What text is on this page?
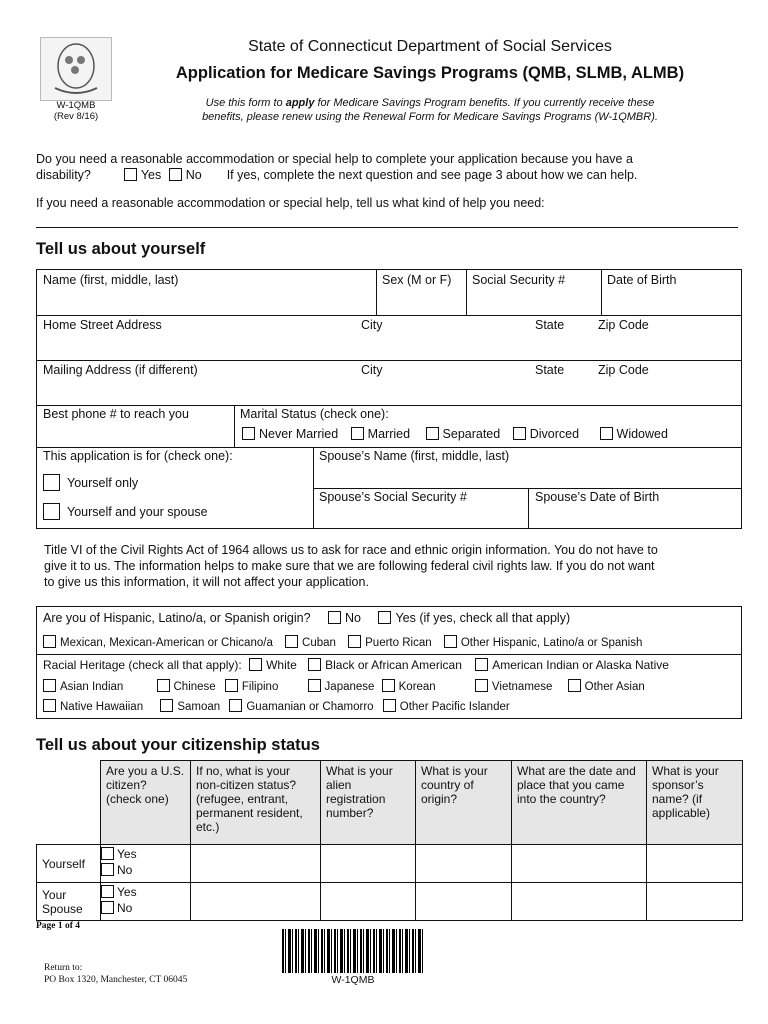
W-1QMB
(Rev 8/16)
State of Connecticut Department of Social Services
Application for Medicare Savings Programs (QMB, SLMB, ALMB)
Use this form to apply for Medicare Savings Program benefits. If you currently receive these
benefits, please renew using the Renewal Form for Medicare Savings Programs (W-1QMBR).
Do you need a reasonable accommodation or special help to complete your application because you have a
disability?	Yes No If yes, complete the next question and see page 3 about how we can help.
If you need a reasonable accommodation or special help, tell us what kind of help you need:
Tell us about yourself
Name (first, middle, last)	Sex (M or F) Social Security #	Date of Birth
Home Street Address	City	State	Zip Code
Mailing Address (if different)	City	State	Zip Code
Best phone # to reach you	Marital Status (check one):
Never Married Married	Separated Divorced	Widowed
This application is for (check one):
Yourself only
Yourself and your spouse
Spouse’s Name (first, middle, last)
Spouse’s Social Security #	Spouse’s Date of Birth
Title VI of the Civil Rights Act of 1964 allows us to ask for race and ethnic origin information. You do not have to
give it to us. The information helps to make sure that we are following federal civil rights law. If you do not want
to give us this information, it will not affect your application.
Are you of Hispanic, Latino/a, or Spanish origin?	No	Yes (if yes, check all that apply)
Mexican, Mexican-American or Chicano/a	Cuban	Puerto Rican	Other Hispanic, Latino/a or Spanish
Racial Heritage (check all that apply): White Black or African American	American Indian or Alaska Native
Asian Indian	Chinese Filipino	Japanese Korean	Vietnamese	Other Asian
Native Hawaiian	Samoan Guamanian or Chamorro Other Pacific Islander
Tell us about your citizenship status
	Are you a U.S. citizen? (check one)	If no, what is your non-citizen status? (refugee, entrant, permanent resident, etc.)	What is your alien registration number?	What is your country of origin?	What are the date and place that you came into the country?	What is your sponsor’s name? (if applicable)
Yourself	Yes
No					

Your Spouse	Yes
No					

Page 1 of 4
Return to:
PO Box 1320, Manchester, CT 06045	W-1QMB
